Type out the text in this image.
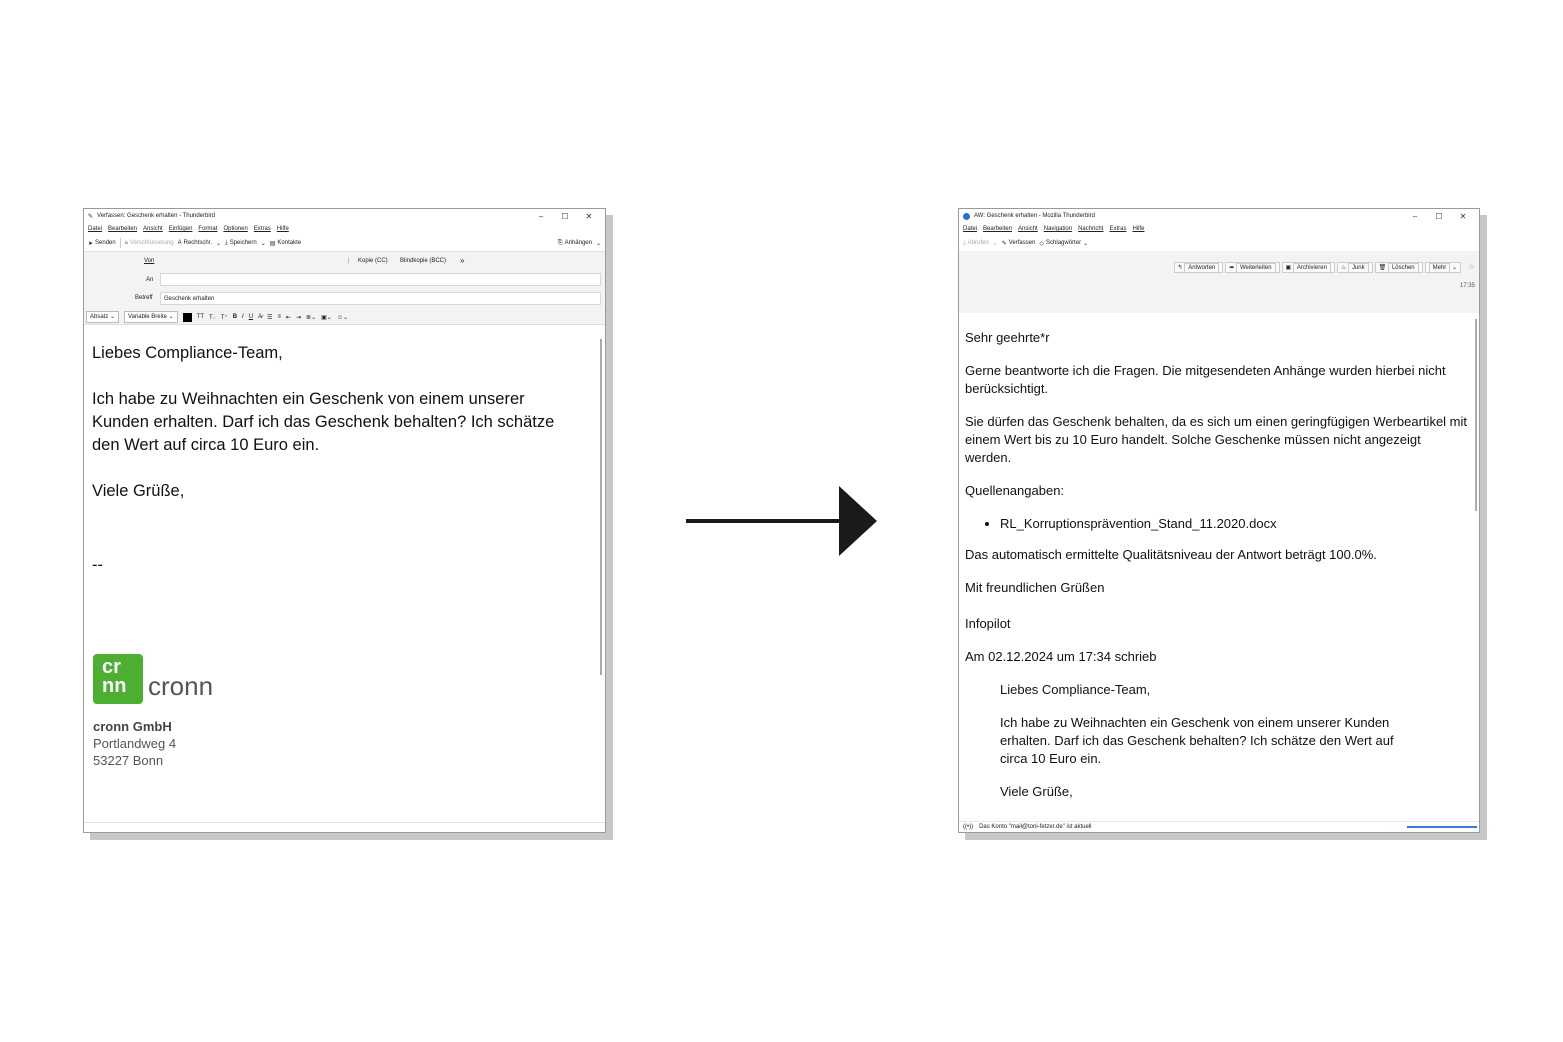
✎ Verfassen: Geschenk erhalten - Thunderbird	–	☐	✕
Datei Bearbeiten Ansicht Einfügen Format Optionen Extras Hilfe
➤ Senden 🔒︎ Verschlüsselung A Rechtschr. ⌄ ⤓ Speichern ⌄ ▤ Kontakte	⎘ Anhängen ⌄
Von	| Kopie (CC) Blindkopie (BCC) »
An
Betreff	Geschenk erhalten
Absatz ⌄	Variable Breite ⌄	TT T₋ T⁺ B I U A̷ ☰ ≡ ⇤ ⇥ ≣⌄ ▣⌄ ☺⌄

Liebes Compliance-Team,

Ich habe zu Weihnachten ein Geschenk von einem unserer Kunden erhalten. Darf ich das Geschenk behalten? Ich schätze den Wert auf circa 10 Euro ein.

Viele Grüße,

--

cr nn cronn
cronn GmbH
Portlandweg 4
53227 Bonn
AW: Geschenk erhalten - Mozilla Thunderbird	–	☐	✕
Datei Bearbeiten Ansicht Navigation Nachricht Extras Hilfe
⤓ Abrufen ⌄ ✎ Verfassen ◇ Schlagwörter ⌄
↰ Antworten	➦ Weiterleiten	▣ Archivieren	♨ Junk	🗑︎ Löschen	Mehr ⌄	☆
17:35

Sehr geehrte*r

Gerne beantworte ich die Fragen. Die mitgesendeten Anhänge wurden hierbei nicht berücksichtigt.

Sie dürfen das Geschenk behalten, da es sich um einen geringfügigen Werbeartikel mit einem Wert bis zu 10 Euro handelt. Solche Geschenke müssen nicht angezeigt werden.

Quellenangaben:

• RL_Korruptionsprävention_Stand_11.2020.docx

Das automatisch ermittelte Qualitätsniveau der Antwort beträgt 100.0%.

Mit freundlichen Grüßen

Infopilot

Am 02.12.2024 um 17:34 schrieb

Liebes Compliance-Team,

Ich habe zu Weihnachten ein Geschenk von einem unserer Kunden erhalten. Darf ich das Geschenk behalten? Ich schätze den Wert auf circa 10 Euro ein.

Viele Grüße,

((•)) Das Konto "mail@toni-fetzer.de" ist aktuell
